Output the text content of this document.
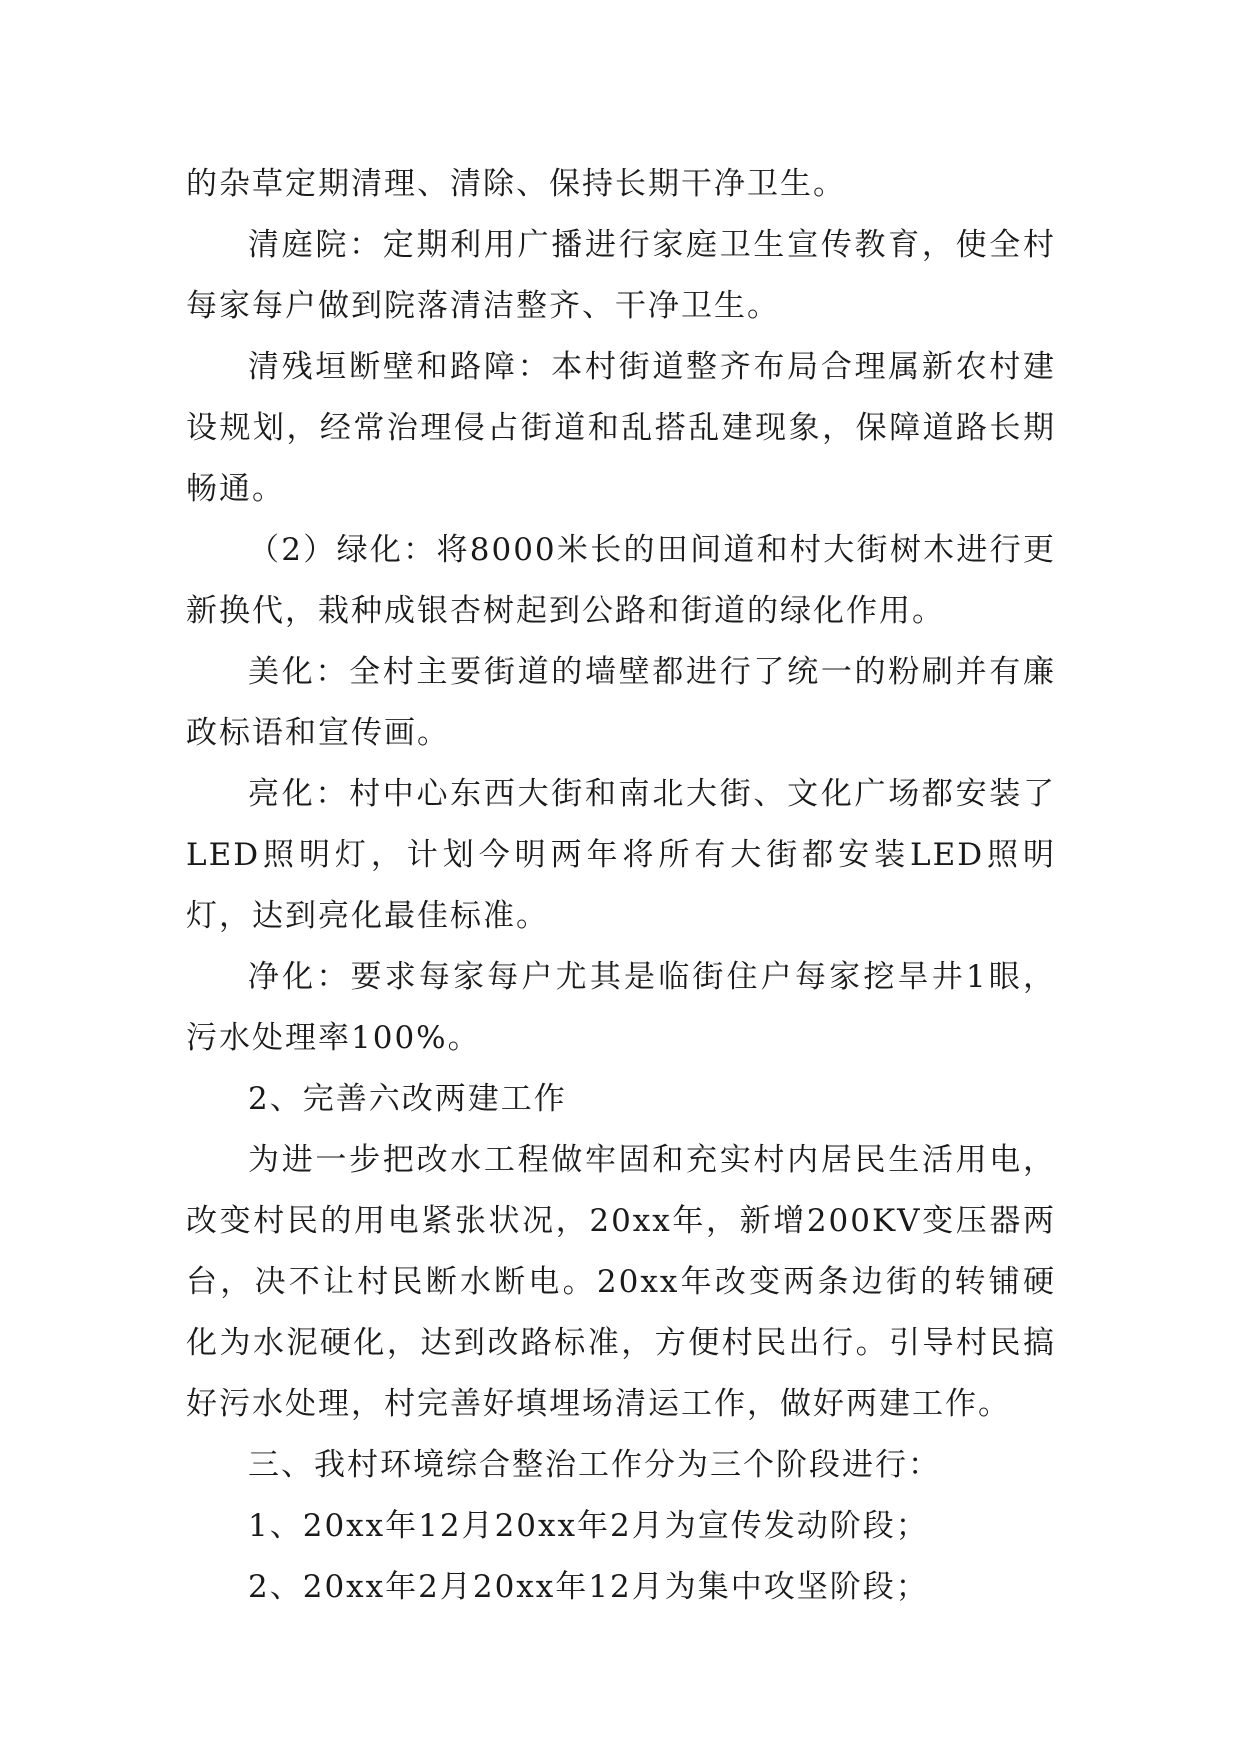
的杂草定期清理、清除、保持长期干净卫生。

清庭院：定期利用广播进行家庭卫生宣传教育，使全村每家每户做到院落清洁整齐、干净卫生。

清残垣断壁和路障：本村街道整齐布局合理属新农村建设规划，经常治理侵占街道和乱搭乱建现象，保障道路长期畅通。

（2）绿化：将8000米长的田间道和村大街树木进行更新换代，栽种成银杏树起到公路和街道的绿化作用。

美化：全村主要街道的墙壁都进行了统一的粉刷并有廉政标语和宣传画。

亮化：村中心东西大街和南北大街、文化广场都安装了LED照明灯，计划今明两年将所有大街都安装LED照明灯，达到亮化最佳标准。

净化：要求每家每户尤其是临街住户每家挖旱井1眼，污水处理率100%。

2、完善六改两建工作

为进一步把改水工程做牢固和充实村内居民生活用电，改变村民的用电紧张状况，20xx年，新增200KV变压器两台，决不让村民断水断电。20xx年改变两条边街的转铺硬化为水泥硬化，达到改路标准，方便村民出行。引导村民搞好污水处理，村完善好填埋场清运工作，做好两建工作。

三、我村环境综合整治工作分为三个阶段进行：

1、20xx年12月20xx年2月为宣传发动阶段；

2、20xx年2月20xx年12月为集中攻坚阶段；
